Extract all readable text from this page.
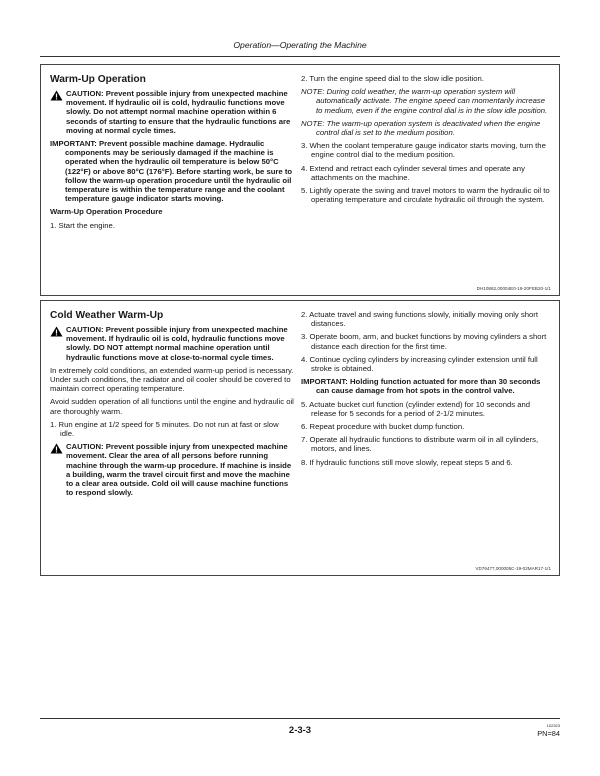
Operation—Operating the Machine
Warm-Up Operation
CAUTION: Prevent possible injury from unexpected machine movement. If hydraulic oil is cold, hydraulic functions move slowly. Do not attempt normal machine operation within 6 seconds of starting to ensure that the hydraulic functions are moving at normal cycle times.
IMPORTANT: Prevent possible machine damage. Hydraulic components may be seriously damaged if the machine is operated when the hydraulic oil temperature is below 50°C (122°F) or above 80°C (176°F). Before starting work, be sure to follow the warm-up operation procedure until the hydraulic oil temperature is within the temperature range and the coolant temperature gauge indicator starts moving.
Warm-Up Operation Procedure
1. Start the engine.
2. Turn the engine speed dial to the slow idle position.
NOTE: During cold weather, the warm-up operation system will automatically activate. The engine speed can momentarily increase to medium, even if the engine control dial is in the slow idle position.
NOTE: The warm-up operation system is deactivated when the engine control dial is set to the medium position.
3. When the coolant temperature gauge indicator starts moving, turn the engine control dial to the medium position.
4. Extend and retract each cylinder several times and operate any attachments on the machine.
5. Lightly operate the swing and travel motors to warm the hydraulic oil to operating temperature and circulate hydraulic oil through the system.
DH10862,00004E0-19-20FEB20-1/1
Cold Weather Warm-Up
CAUTION: Prevent possible injury from unexpected machine movement. If hydraulic oil is cold, hydraulic functions move slowly. DO NOT attempt normal machine operation until hydraulic functions move at close-to-normal cycle times.
In extremely cold conditions, an extended warm-up period is necessary. Under such conditions, the radiator and oil cooler should be covered to maintain correct operating temperature.
Avoid sudden operation of all functions until the engine and hydraulic oil are thoroughly warm.
1. Run engine at 1/2 speed for 5 minutes. Do not run at fast or slow idle.
CAUTION: Prevent possible injury from unexpected machine movement. Clear the area of all persons before running machine through the warm-up procedure. If machine is inside a building, warm the travel circuit first and move the machine to a clear area outside. Cold oil will cause machine functions to respond slowly.
2. Actuate travel and swing functions slowly, initially moving only short distances.
3. Operate boom, arm, and bucket functions by moving cylinders a short distance each direction for the first time.
4. Continue cycling cylinders by increasing cylinder extension until full stroke is obtained.
IMPORTANT: Holding function actuated for more than 30 seconds can cause damage from hot spots in the control valve.
5. Actuate bucket curl function (cylinder extend) for 10 seconds and release for 5 seconds for a period of 2-1/2 minutes.
6. Repeat procedure with bucket dump function.
7. Operate all hydraulic functions to distribute warm oil in all cylinders, motors, and lines.
8. If hydraulic functions still move slowly, repeat steps 5 and 6.
VD76477,000005C-19-02MAR17-1/1
2-3-3	102323
PN=84
